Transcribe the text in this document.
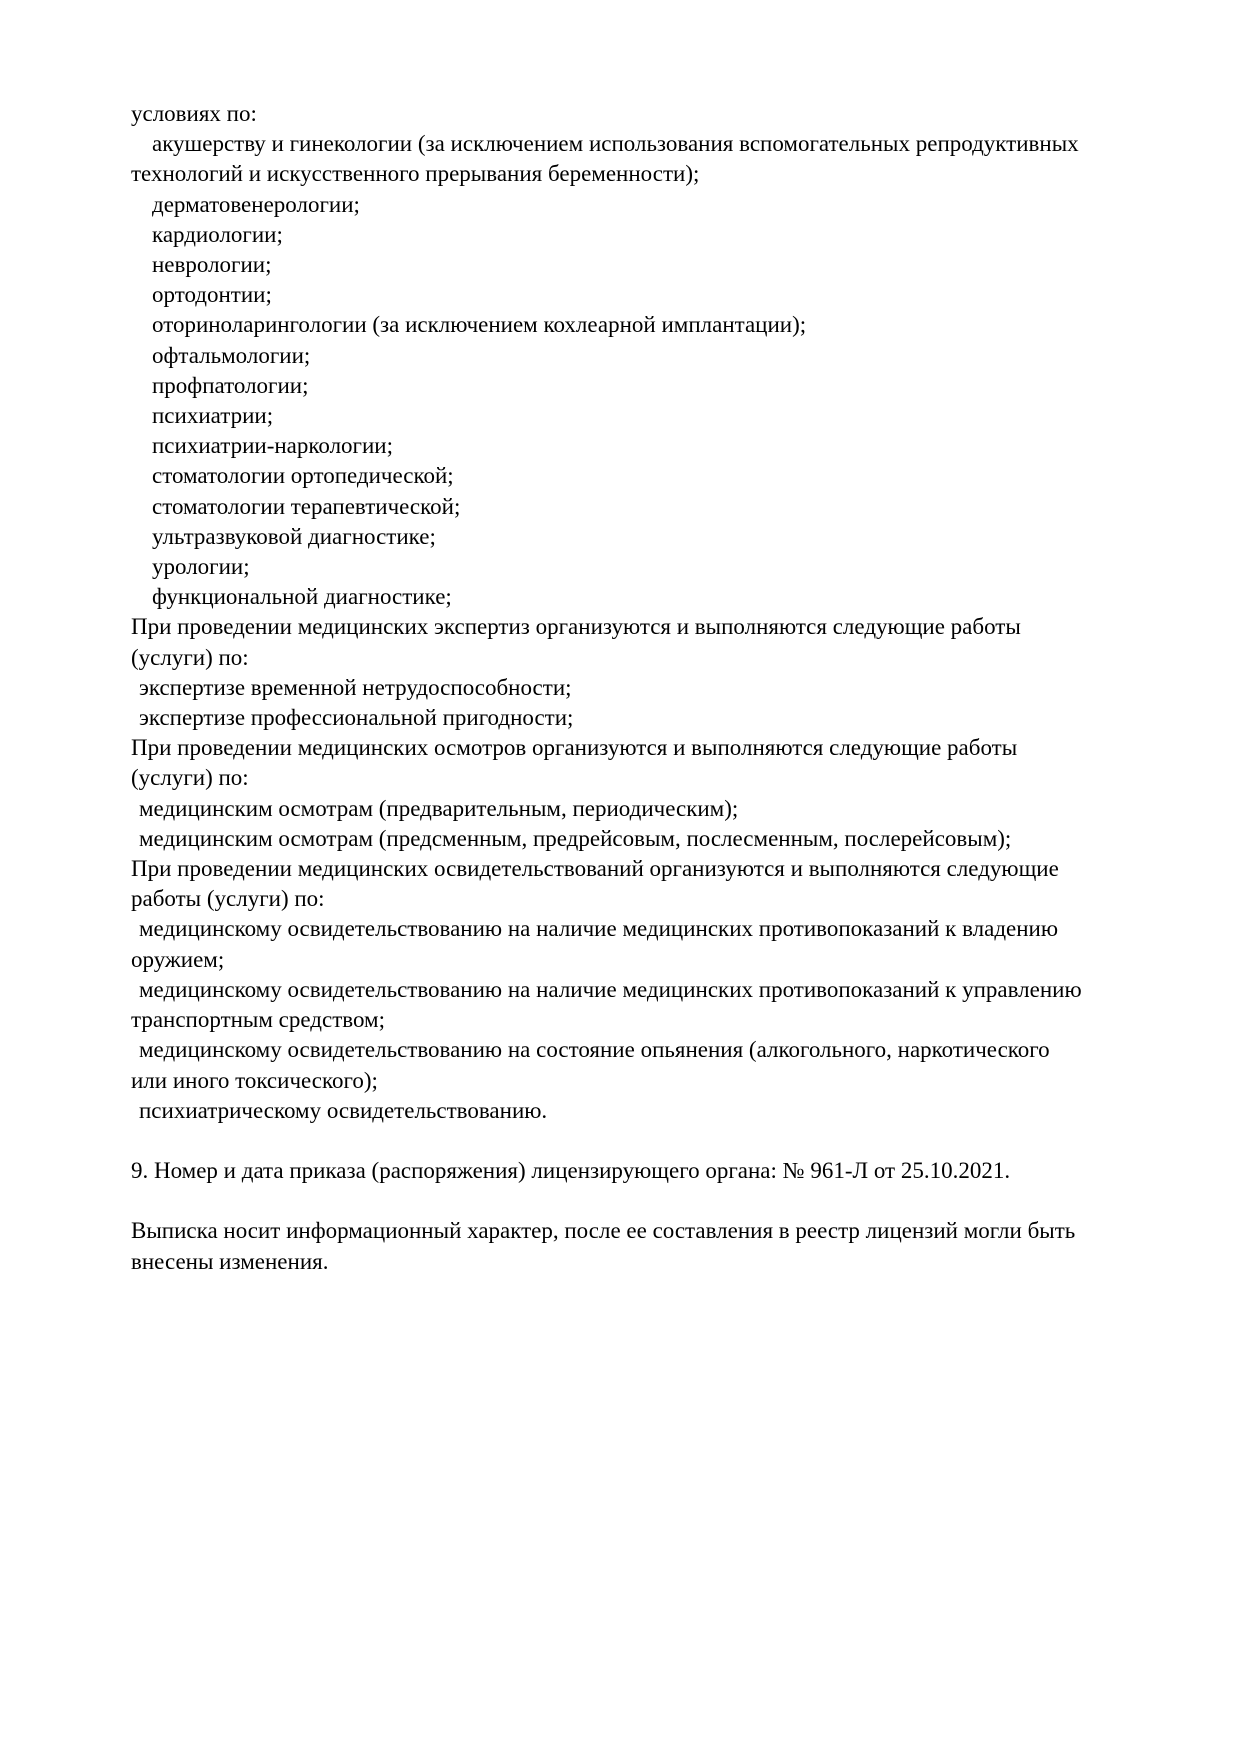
условиях по:
акушерству и гинекологии (за исключением использования вспомогательных репродуктивных
технологий и искусственного прерывания беременности);
дерматовенерологии;
кардиологии;
неврологии;
ортодонтии;
оториноларингологии (за исключением кохлеарной имплантации);
офтальмологии;
профпатологии;
психиатрии;
психиатрии-наркологии;
стоматологии ортопедической;
стоматологии терапевтической;
ультразвуковой диагностике;
урологии;
функциональной диагностике;
При проведении медицинских экспертиз организуются и выполняются следующие работы
(услуги) по:
экспертизе временной нетрудоспособности;
экспертизе профессиональной пригодности;
При проведении медицинских осмотров организуются и выполняются следующие работы
(услуги) по:
медицинским осмотрам (предварительным, периодическим);
медицинским осмотрам (предсменным, предрейсовым, послесменным, послерейсовым);
При проведении медицинских освидетельствований организуются и выполняются следующие
работы (услуги) по:
медицинскому освидетельствованию на наличие медицинских противопоказаний к владению
оружием;
медицинскому освидетельствованию на наличие медицинских противопоказаний к управлению
транспортным средством;
медицинскому освидетельствованию на состояние опьянения (алкогольного, наркотического
или иного токсического);
психиатрическому освидетельствованию.
9. Номер и дата приказа (распоряжения) лицензирующего органа: № 961-Л от 25.10.2021.
Выписка носит информационный характер, после ее составления в реестр лицензий могли быть
внесены изменения.
